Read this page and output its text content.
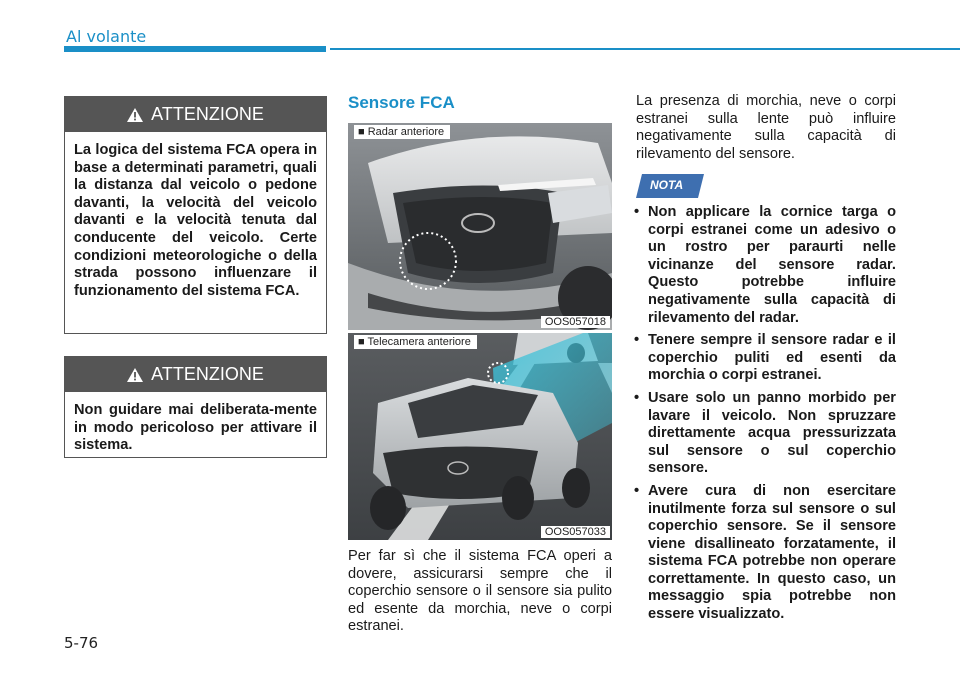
Al volante
ATTENZIONE
La logica del sistema FCA opera in base a determinati parametri, quali la distanza dal veicolo o pedone davanti, la velocità del veicolo davanti e la velocità tenuta dal conducente del veicolo. Certe condizioni meteorologiche o della strada possono influenzare il funzionamento del sistema FCA.
ATTENZIONE
Non guidare mai deliberata-mente in modo pericoloso per attivare il sistema.
Sensore FCA
■ Radar anteriore
OOS057018
■ Telecamera anteriore
OOS057033
Per far sì che il sistema FCA operi a dovere, assicurarsi sempre che il coperchio sensore o il sensore sia pulito ed esente da morchia, neve o corpi estranei.
La presenza di morchia, neve o corpi estranei sulla lente può influire negativamente sulla capacità di rilevamento del sensore.
NOTA
• Non applicare la cornice targa o corpi estranei come un adesivo o un rostro per paraurti nelle vicinanze del sensore radar. Questo potrebbe influire negativamente sulla capacità di rilevamento del radar.
• Tenere sempre il sensore radar e il coperchio puliti ed esenti da morchia o corpi estranei.
• Usare solo un panno morbido per lavare il veicolo. Non spruzzare direttamente acqua pressurizzata sul sensore o sul coperchio sensore.
• Avere cura di non esercitare inutilmente forza sul sensore o sul coperchio sensore. Se il sensore viene disallineato forzatamente, il sistema FCA potrebbe non operare correttamente. In questo caso, un messaggio spia potrebbe non essere visualizzato.
5-76
